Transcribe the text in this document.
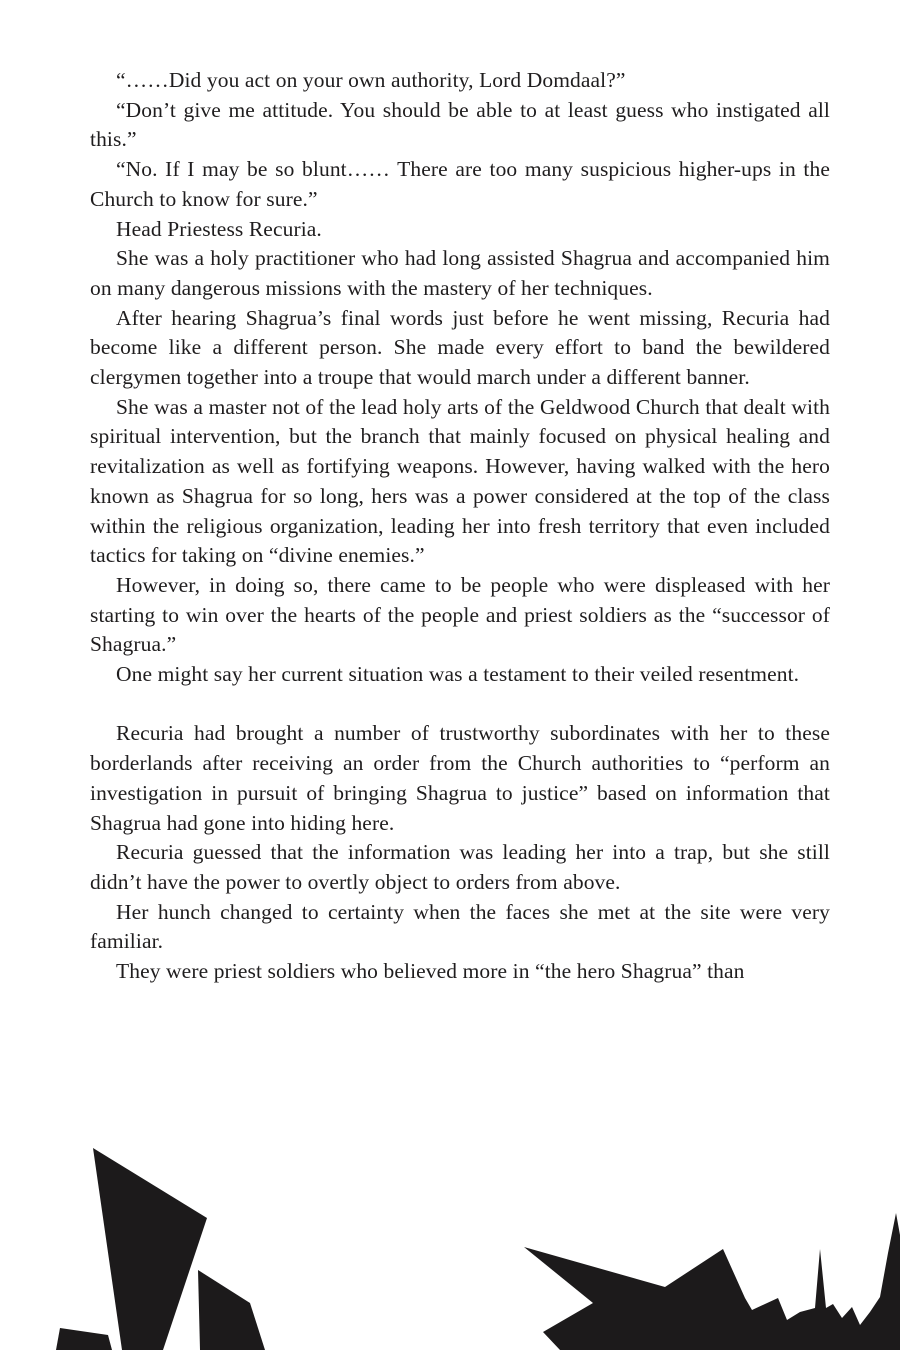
“……Did you act on your own authority, Lord Domdaal?”

“Don’t give me attitude. You should be able to at least guess who instigated all this.”

“No. If I may be so blunt…… There are too many suspicious higher-ups in the Church to know for sure.”

Head Priestess Recuria.

She was a holy practitioner who had long assisted Shagrua and accompanied him on many dangerous missions with the mastery of her techniques.

After hearing Shagrua’s final words just before he went missing, Recuria had become like a different person. She made every effort to band the bewildered clergymen together into a troupe that would march under a different banner.

She was a master not of the lead holy arts of the Geldwood Church that dealt with spiritual intervention, but the branch that mainly focused on physical healing and revitalization as well as fortifying weapons. However, having walked with the hero known as Shagrua for so long, hers was a power considered at the top of the class within the religious organization, leading her into fresh territory that even included tactics for taking on “divine enemies.”

However, in doing so, there came to be people who were displeased with her starting to win over the hearts of the people and priest soldiers as the “successor of Shagrua.”

One might say her current situation was a testament to their veiled resentment.

Recuria had brought a number of trustworthy subordinates with her to these borderlands after receiving an order from the Church authorities to “perform an investigation in pursuit of bringing Shagrua to justice” based on information that Shagrua had gone into hiding here.

Recuria guessed that the information was leading her into a trap, but she still didn’t have the power to overtly object to orders from above.

Her hunch changed to certainty when the faces she met at the site were very familiar.

They were priest soldiers who believed more in “the hero Shagrua” than
